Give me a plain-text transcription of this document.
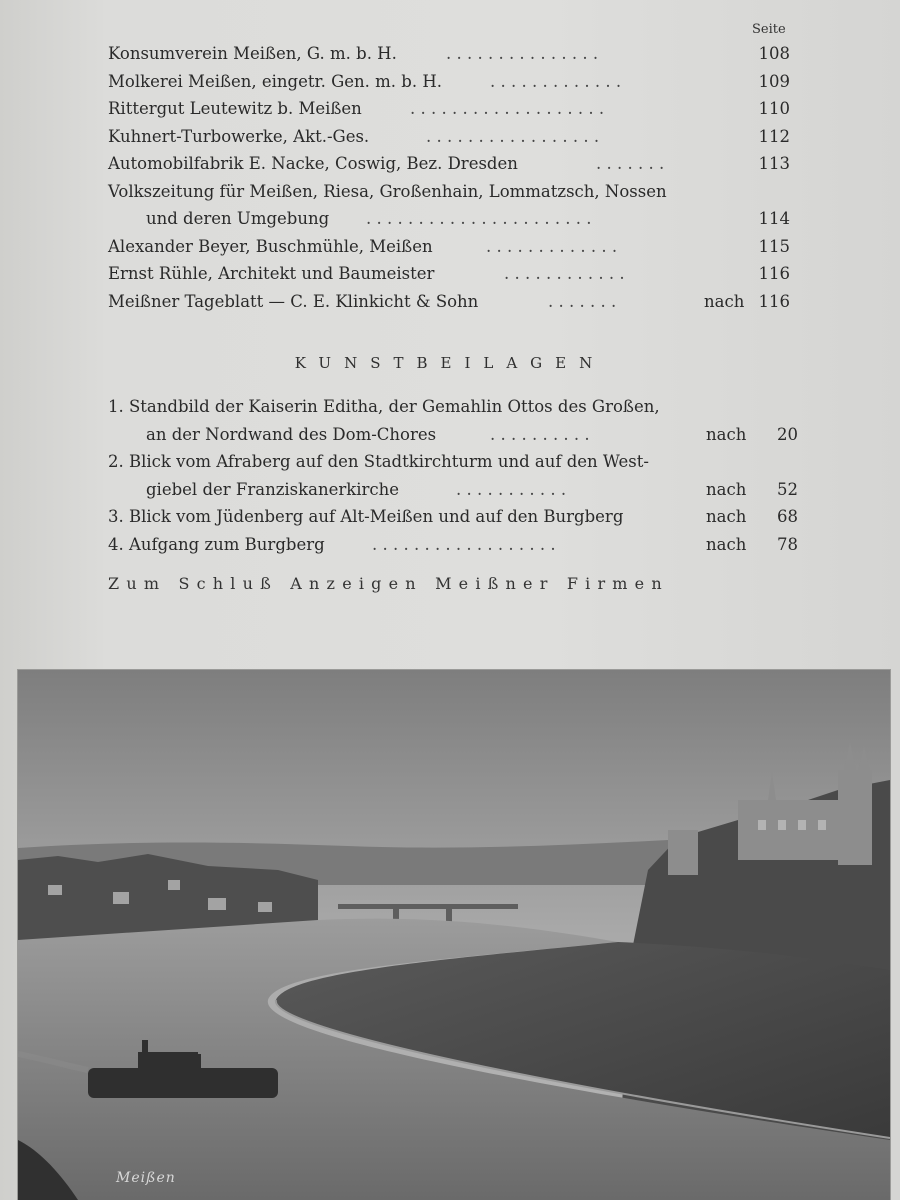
Seite
Konsumverein Meißen, G. m. b. H.	. . . . . . . . . . . . . . .	108
Molkerei Meißen, eingetr. Gen. m. b. H.	. . . . . . . . . . . . .	109
Rittergut Leutewitz b. Meißen	. . . . . . . . . . . . . . . . . . .	110
Kuhnert-Turbowerke, Akt.-Ges.	. . . . . . . . . . . . . . . . .	112
Automobilfabrik E. Nacke, Coswig, Bez. Dresden	. . . . . . .	113
Volkszeitung für Meißen, Riesa, Großenhain, Lommatzsch, Nossen
und deren Umgebung . . . . . . . . . . . . . . . . . . . . . .	114
Alexander Beyer, Buschmühle, Meißen	. . . . . . . . . . . . .	115
Ernst Rühle, Architekt und Baumeister	. . . . . . . . . . . .	116
Meißner Tageblatt — C. E. Klinkicht & Sohn	. . . . . . .	nach 116
KUNSTBEILAGEN
1. Standbild der Kaiserin Editha, der Gemahlin Ottos des Großen,
an der Nordwand des Dom-Chores	. . . . . . . . . .	nach 20
2. Blick vom Afraberg auf den Stadtkirchturm und auf den West-
giebel der Franziskanerkirche	. . . . . . . . . . .	nach 52
3. Blick vom Jüdenberg auf Alt-Meißen und auf den Burgberg	nach 68
4. Aufgang zum Burgberg	. . . . . . . . . . . . . . . . . .	nach 78
Zum Schluß Anzeigen Meißner Firmen
Meißen
